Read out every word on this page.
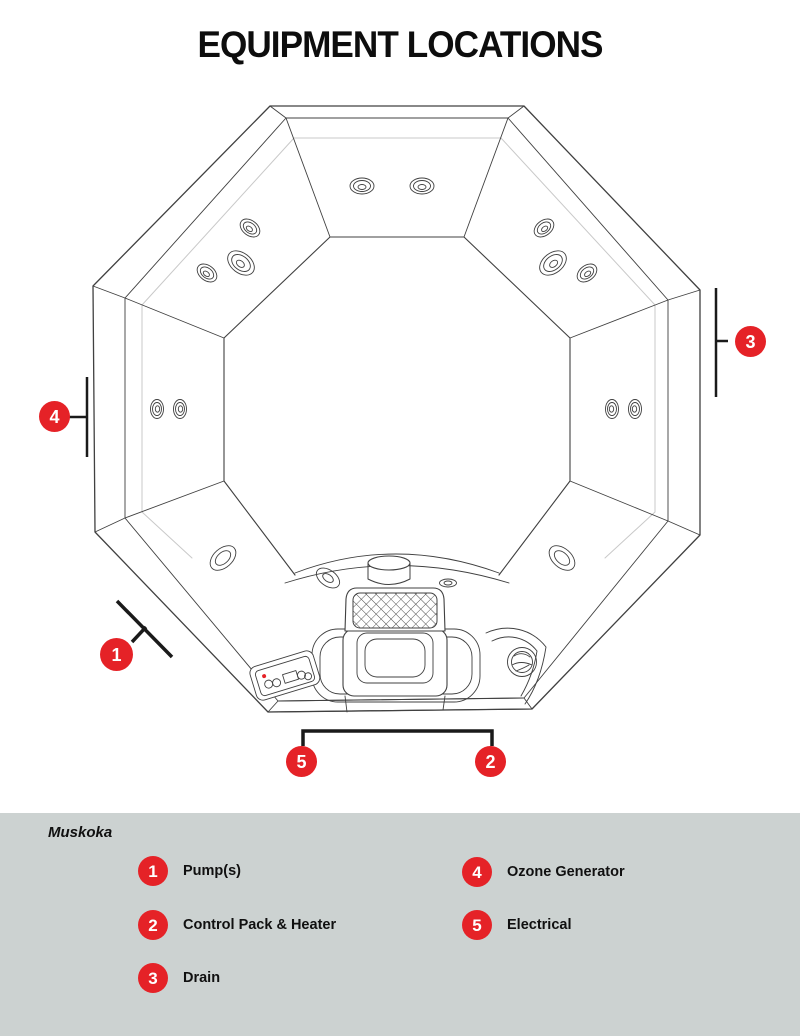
EQUIPMENT LOCATIONS
1
2
3
4
5
Muskoka
1	Pump(s)
2	Control Pack & Heater
3	Drain
4	Ozone Generator
5	Electrical
